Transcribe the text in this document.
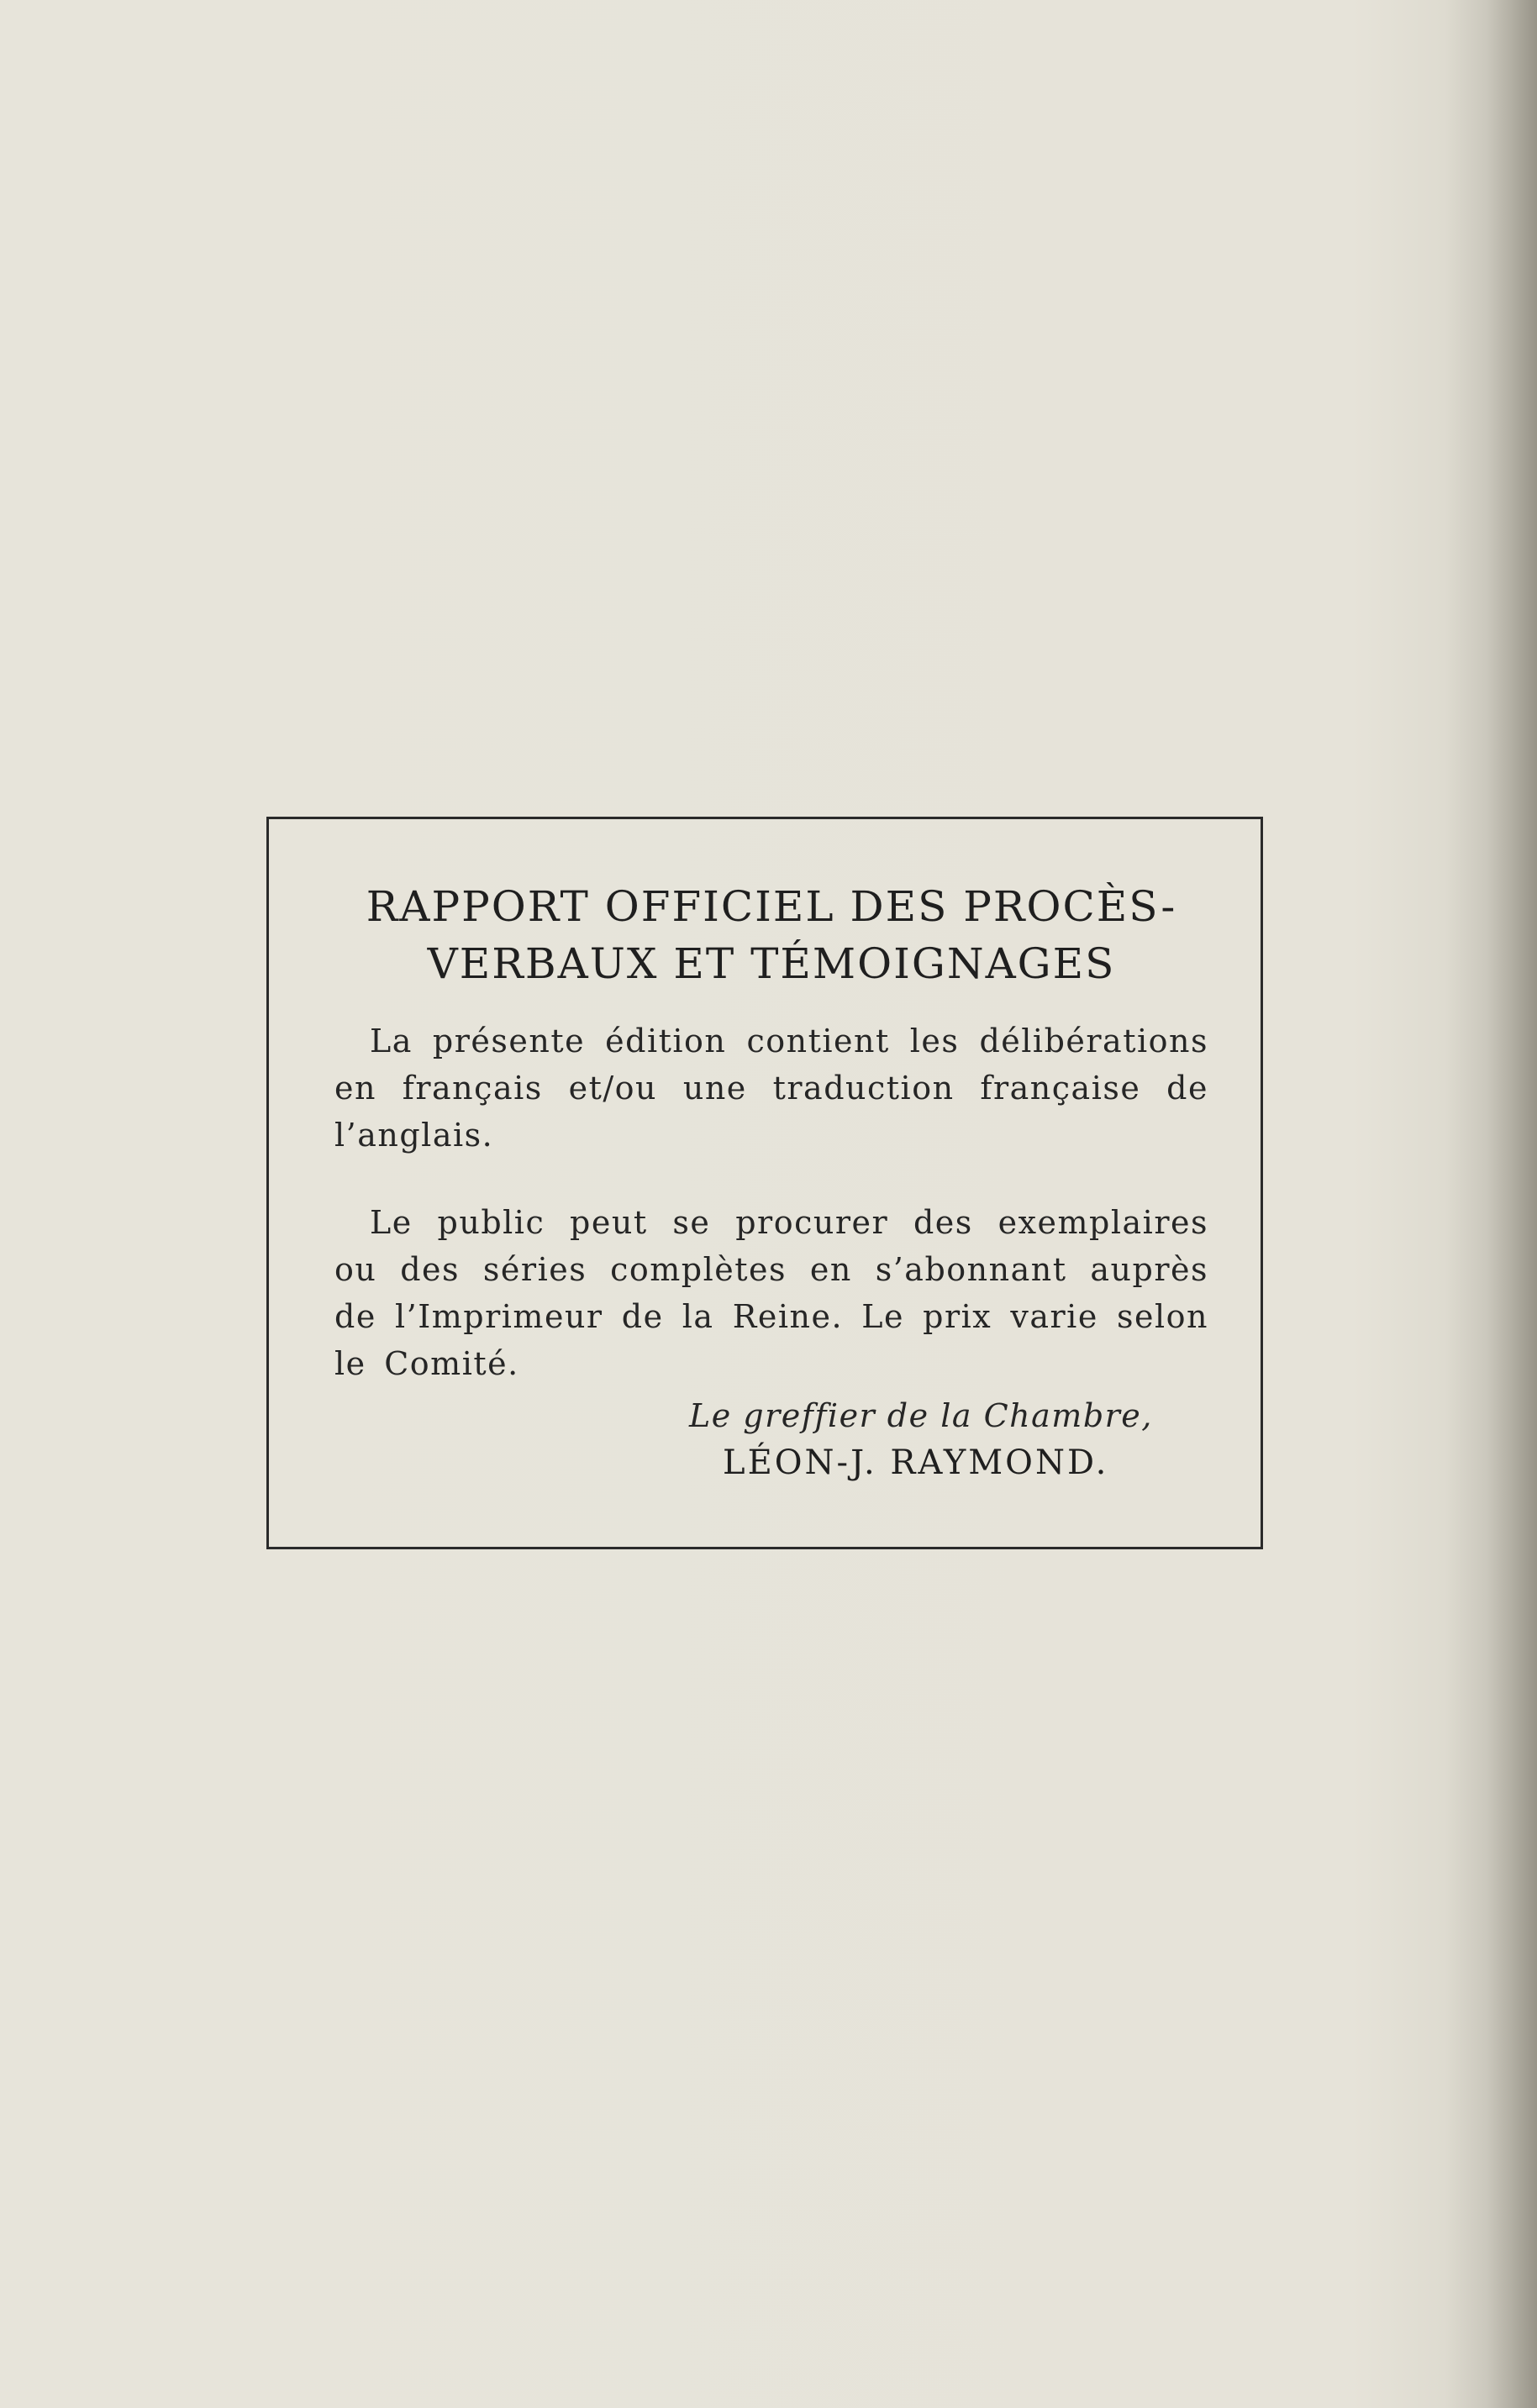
RAPPORT OFFICIEL DES PROCÈS-VERBAUX ET TÉMOIGNAGES

La présente édition contient les délibérations en français et/ou une traduction française de l’anglais.

Le public peut se procurer des exemplaires ou des séries complètes en s’abonnant auprès de l’Imprimeur de la Reine. Le prix varie selon le Comité.

Le greffier de la Chambre,

LÉON-J. RAYMOND.
